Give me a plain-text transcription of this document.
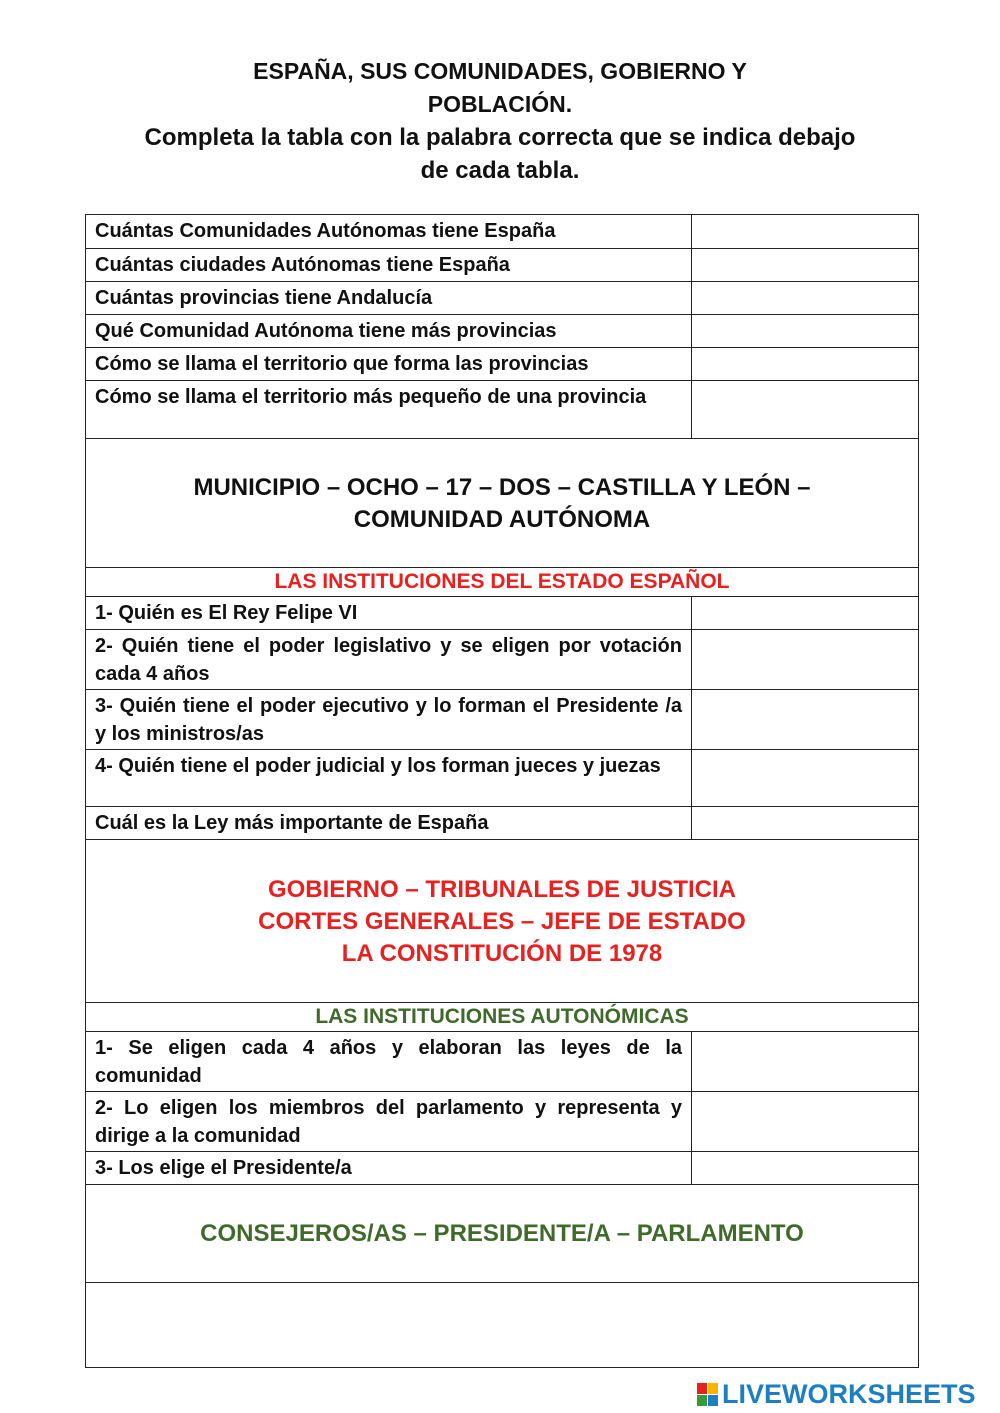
ESPAÑA, SUS COMUNIDADES, GOBIERNO Y POBLACIÓN.
Completa la tabla con la palabra correcta que se indica debajo de cada tabla.
Cuántas Comunidades Autónomas tiene España	
Cuántas ciudades Autónomas tiene España	
Cuántas provincias tiene Andalucía	
Qué Comunidad Autónoma tiene más provincias	
Cómo se llama el territorio que forma las provincias	
Cómo se llama el territorio más pequeño de una provincia	

MUNICIPIO – OCHO – 17 – DOS – CASTILLA Y LEÓN – COMUNIDAD AUTÓNOMA	

LAS INSTITUCIONES DEL ESTADO ESPAÑOL	
1- Quién es El Rey Felipe VI	
2- Quién tiene el poder legislativo y se eligen por votación cada 4 años	
3- Quién tiene el poder ejecutivo y lo forman el Presidente /a y los ministros/as	
4- Quién tiene el poder judicial y los forman jueces y juezas	
Cuál es la Ley más importante de España	

GOBIERNO – TRIBUNALES DE JUSTICIA
CORTES GENERALES – JEFE DE ESTADO
LA CONSTITUCIÓN DE 1978	

LAS INSTITUCIONES AUTONÓMICAS	
1- Se eligen cada 4 años y elaboran las leyes de la comunidad	
2- Lo eligen los miembros del parlamento y representa y dirige a la comunidad	
3- Los elige el Presidente/a	
CONSEJEROS/AS – PRESIDENTE/A – PARLAMENTO	

LIVEWORKSHEETS
